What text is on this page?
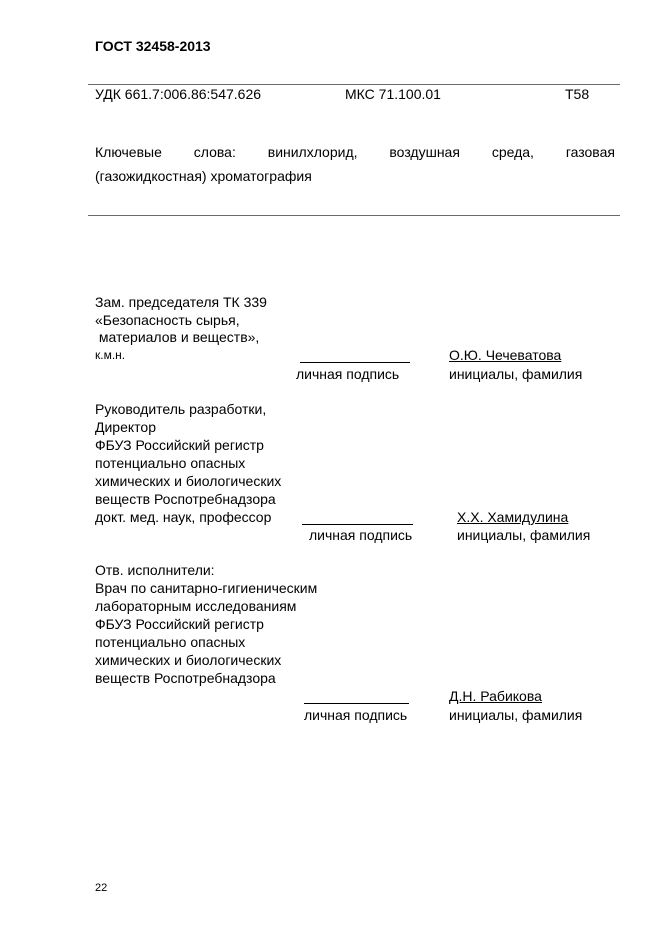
ГОСТ 32458-2013
УДК 661.7:006.86:547.626	МКС 71.100.01	Т58
Ключевые слова: винилхлорид, воздушная среда, газовая
(газожидкостная) хроматография
Зам. председателя ТК 339
«Безопасность сырья,
материалов и веществ»,
к.м.н.	О.Ю. Чечеватова
личная подпись	инициалы, фамилия
Руководитель разработки,
Директор
ФБУЗ Российский регистр
потенциально опасных
химических и биологических
веществ Роспотребнадзора
докт. мед. наук, профессор	Х.Х. Хамидулина
личная подпись	инициалы, фамилия
Отв. исполнители:
Врач по санитарно-гигиеническим
лабораторным исследованиям
ФБУЗ Российский регистр
потенциально опасных
химических и биологических
веществ Роспотребнадзора
Д.Н. Рабикова
личная подпись	инициалы, фамилия
22
